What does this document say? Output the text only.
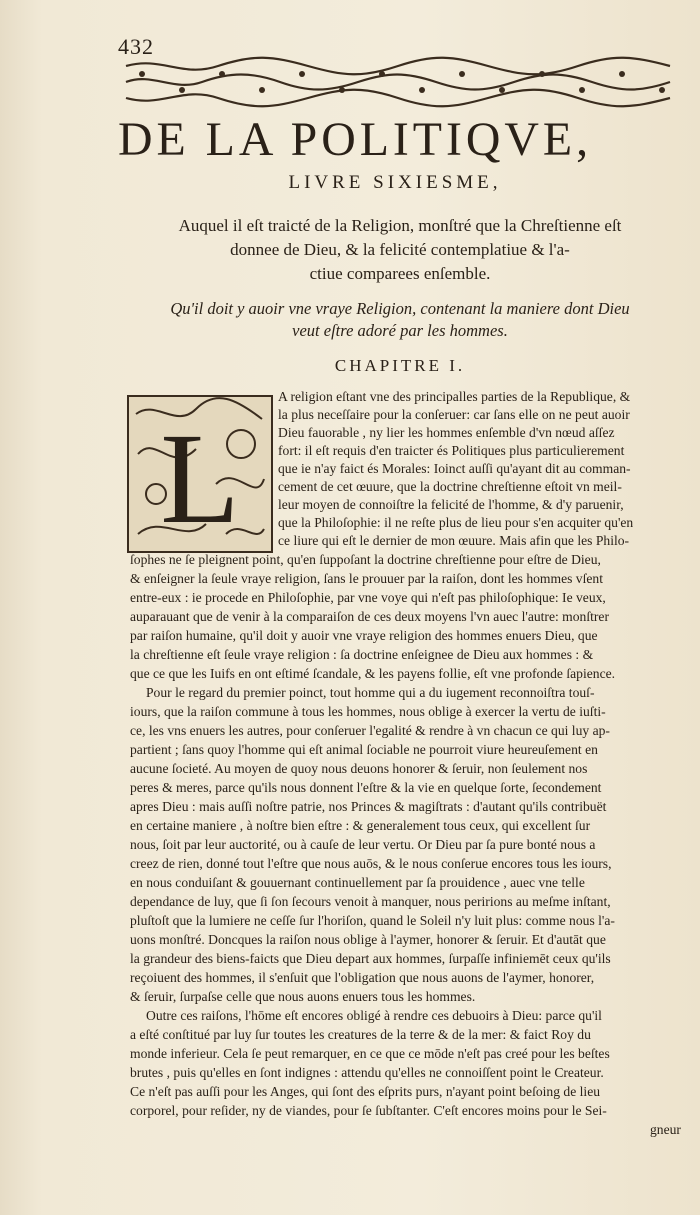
432
DE LA POLITIQVE,
LIVRE SIXIESME,
Auquel il eſt traicté de la Religion, monſtré que la Chreſtienne eſt
donnee de Dieu, & la felicité contemplatiue & l'a-
ctiue comparees enſemble.
Qu'il doit y auoir vne vraye Religion, contenant la maniere dont Dieu
veut eſtre adoré par les hommes.
CHAPITRE I.
L
A religion eſtant vne des principalles parties de la Republique, &
la plus neceſſaire pour la conſeruer: car ſans elle on ne peut auoir
Dieu fauorable , ny lier les hommes enſemble d'vn nœud aſſez
fort: il eſt requis d'en traicter és Politiques plus particulierement
que ie n'ay faict és Morales: Ioinct auſſi qu'ayant dit au comman-
cement de cet œuure, que la doctrine chreſtienne eſtoit vn meil-
leur moyen de connoiſtre la felicité de l'homme, & d'y paruenir,
que la Philoſophie: il ne reſte plus de lieu pour s'en acquiter qu'en
ce liure qui eſt le dernier de mon œuure. Mais afin que les Philo-
ſophes ne ſe pleignent point, qu'en ſuppoſant la doctrine chreſtienne pour eſtre de Dieu,
& enſeigner la ſeule vraye religion, ſans le prouuer par la raiſon, dont les hommes vſent
entre-eux : ie procede en Philoſophie, par vne voye qui n'eſt pas philoſophique: Ie veux,
auparauant que de venir à la comparaiſon de ces deux moyens l'vn auec l'autre: monſtrer
par raiſon humaine, qu'il doit y auoir vne vraye religion des hommes enuers Dieu, que
la chreſtienne eſt ſeule vraye religion : ſa doctrine enſeignee de Dieu aux hommes : &
que ce que les Iuifs en ont eſtimé ſcandale, & les payens follie, eſt vne profonde ſapience.
Pour le regard du premier poinct, tout homme qui a du iugement reconnoiſtra touſ-
iours, que la raiſon commune à tous les hommes, nous oblige à exercer la vertu de iuſti-
ce, les vns enuers les autres, pour conſeruer l'egalité & rendre à vn chacun ce qui luy ap-
partient ; ſans quoy l'homme qui eſt animal ſociable ne pourroit viure heureuſement en
aucune ſocieté. Au moyen de quoy nous deuons honorer & ſeruir, non ſeulement nos
peres & meres, parce qu'ils nous donnent l'eſtre & la vie en quelque ſorte, ſecondement
apres Dieu : mais auſſi noſtre patrie, nos Princes & magiſtrats : d'autant qu'ils contribuët
en certaine maniere , à noſtre bien eſtre : & generalement tous ceux, qui excellent ſur
nous, ſoit par leur auctorité, ou à cauſe de leur vertu. Or Dieu par ſa pure bonté nous a
creez de rien, donné tout l'eſtre que nous auōs, & le nous conſerue encores tous les iours,
en nous conduiſant & gouuernant continuellement par ſa prouidence , auec vne telle
dependance de luy, que ſi ſon ſecours venoit à manquer, nous peririons au meſme inſtant,
pluſtoſt que la lumiere ne ceſſe ſur l'horiſon, quand le Soleil n'y luit plus: comme nous l'a-
uons monſtré. Doncques la raiſon nous oblige à l'aymer, honorer & ſeruir. Et d'autāt que
la grandeur des biens-faicts que Dieu depart aux hommes, ſurpaſſe infiniemēt ceux qu'ils
reçoiuent des hommes, il s'enſuit que l'obligation que nous auons de l'aymer, honorer,
& ſeruir, ſurpaſse celle que nous auons enuers tous les hommes.
Outre ces raiſons, l'hōme eſt encores obligé à rendre ces debuoirs à Dieu: parce qu'il
a eſté conſtitué par luy ſur toutes les creatures de la terre & de la mer: & faict Roy du
monde inferieur. Cela ſe peut remarquer, en ce que ce mōde n'eſt pas creé pour les beſtes
brutes , puis qu'elles en ſont indignes : attendu qu'elles ne connoiſſent point le Createur.
Ce n'eſt pas auſſi pour les Anges, qui ſont des eſprits purs, n'ayant point beſoing de lieu
corporel, pour reſider, ny de viandes, pour ſe ſubſtanter. C'eſt encores moins pour le Sei-
gneur
